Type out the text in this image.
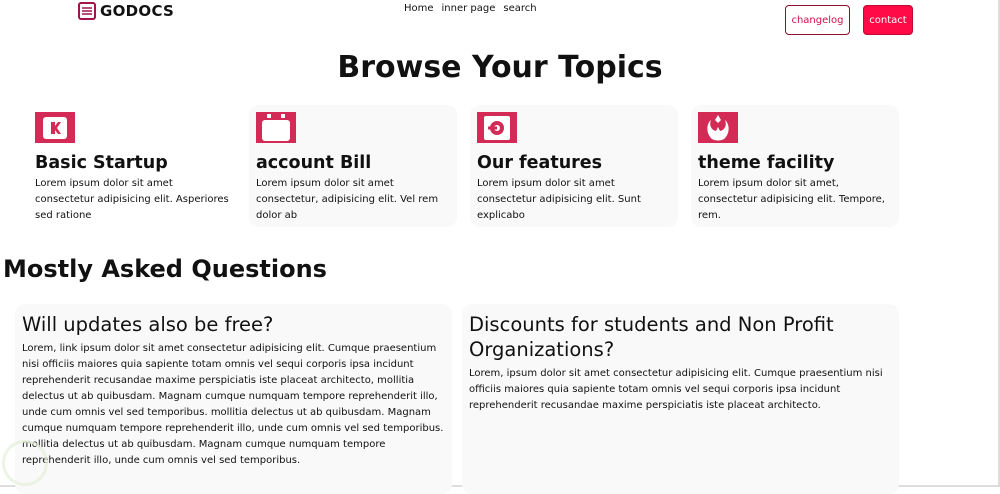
GODOCS	Home inner page search
changelog	contact
Browse Your Topics
Basic Startup

Lorem ipsum dolor sit amet consectetur adipisicing elit. Asperiores sed ratione

account Bill

Lorem ipsum dolor sit amet consectetur, adipisicing elit. Vel rem dolor ab

Our features

Lorem ipsum dolor sit amet consectetur adipisicing elit. Sunt explicabo

theme facility

Lorem ipsum dolor sit amet, consectetur adipisicing elit. Tempore, rem.

Mostly Asked Questions
Will updates also be free?

Lorem, link ipsum dolor sit amet consectetur adipisicing elit. Cumque praesentium nisi officiis maiores quia sapiente totam omnis vel sequi corporis ipsa incidunt reprehenderit recusandae maxime perspiciatis iste placeat architecto, mollitia delectus ut ab quibusdam. Magnam cumque numquam tempore reprehenderit illo, unde cum omnis vel sed temporibus. mollitia delectus ut ab quibusdam. Magnam cumque numquam tempore reprehenderit illo, unde cum omnis vel sed temporibus. mollitia delectus ut ab quibusdam. Magnam cumque numquam tempore reprehenderit illo, unde cum omnis vel sed temporibus.

Discounts for students and Non Profit Organizations?

Lorem, ipsum dolor sit amet consectetur adipisicing elit. Cumque praesentium nisi officiis maiores quia sapiente totam omnis vel sequi corporis ipsa incidunt reprehenderit recusandae maxime perspiciatis iste placeat architecto.
